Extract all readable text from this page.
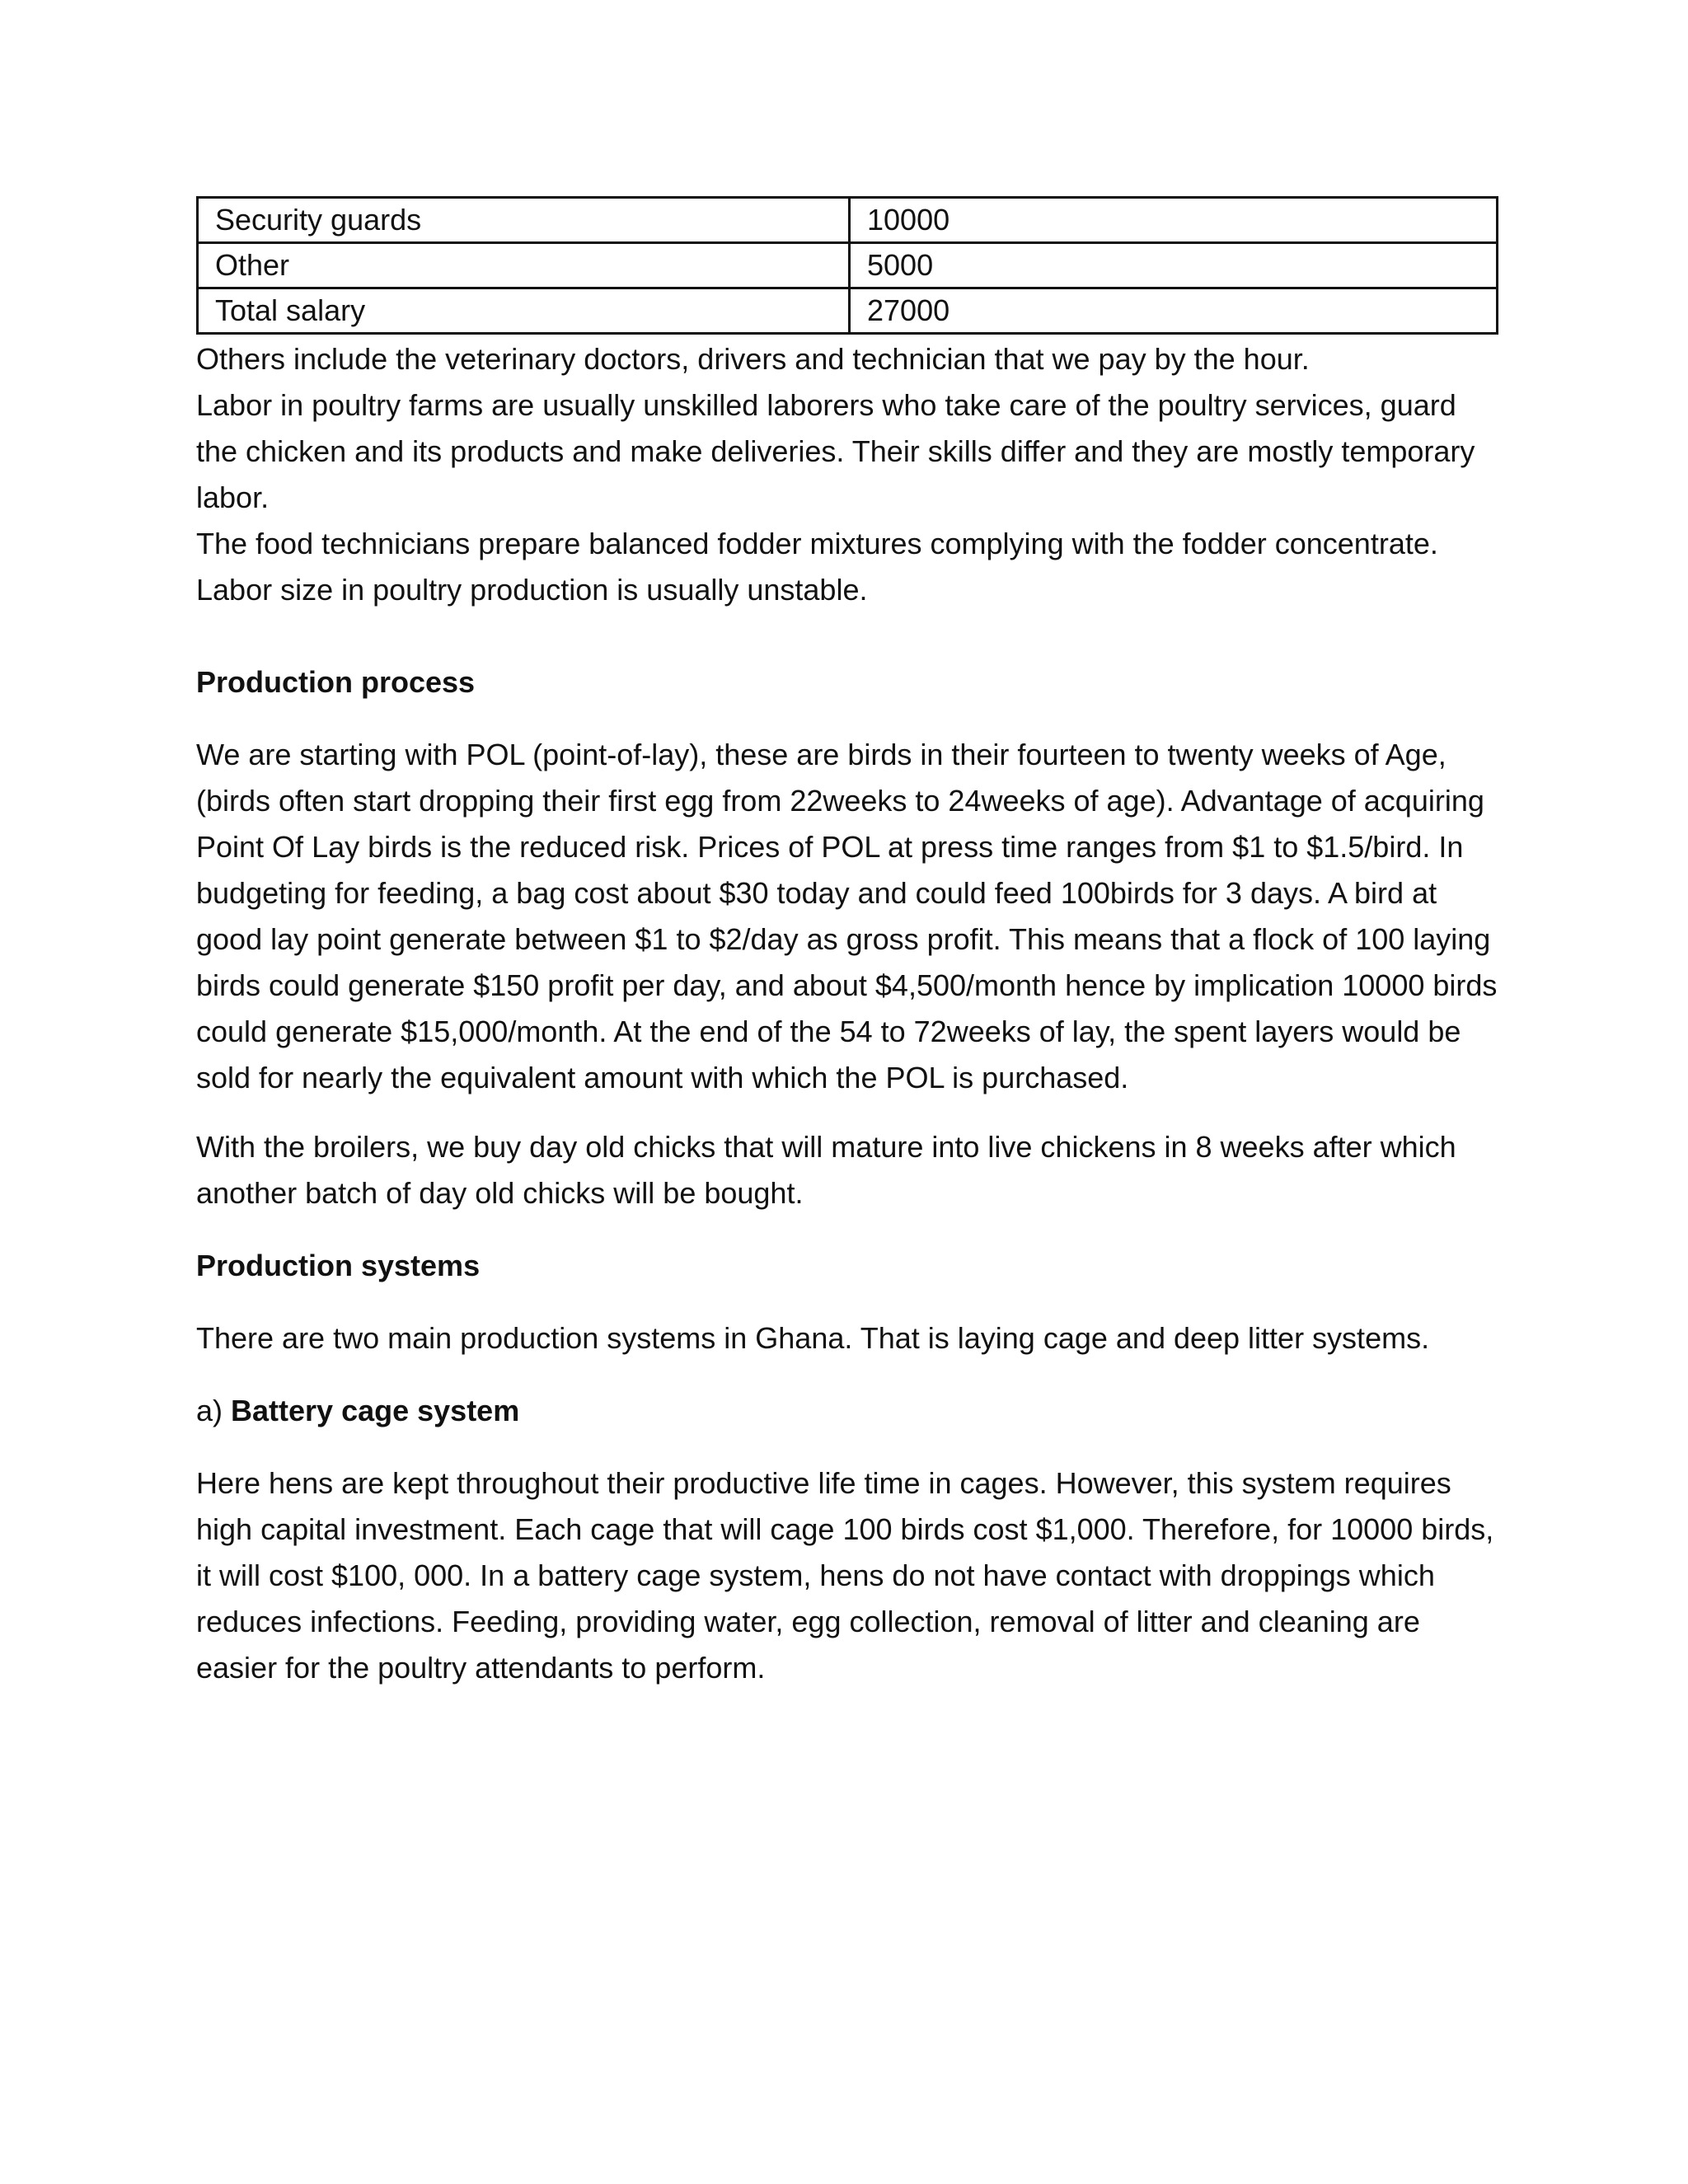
Security guards	10000
Other	5000
Total salary	27000

Others include the veterinary doctors, drivers and technician that we pay by the hour.

Labor in poultry farms are usually unskilled laborers who take care of the poultry services, guard the chicken and its products and make deliveries. Their skills differ and they are mostly temporary labor.

The food technicians prepare balanced fodder mixtures complying with the fodder concentrate.

Labor size in poultry production is usually unstable.

Production process

We are starting with POL (point-of-lay), these are birds in their fourteen to twenty weeks of Age,(birds often start dropping their first egg from 22weeks to 24weeks of age). Advantage of acquiring Point Of Lay birds is the reduced risk. Prices of POL at press time ranges from $1 to $1.5/bird. In budgeting for feeding, a bag cost about $30 today and could feed 100birds for 3 days. A bird at good lay point generate between $1 to $2/day as gross profit. This means that a flock of 100 laying birds could generate $150 profit per day, and about $4,500/month hence by implication 10000 birds could generate $15,000/month. At the end of the 54 to 72weeks of lay, the spent layers would be sold for nearly the equivalent amount with which the POL is purchased.

With the broilers, we buy day old chicks that will mature into live chickens in 8 weeks after which another batch of day old chicks will be bought.

Production systems

There are two main production systems in Ghana. That is laying cage and deep litter systems.

a) Battery cage system

Here hens are kept throughout their productive life time in cages. However, this system requires high capital investment. Each cage that will cage 100 birds cost $1,000. Therefore, for 10000 birds, it will cost $100, 000. In a battery cage system, hens do not have contact with droppings which reduces infections. Feeding, providing water, egg collection, removal of litter and cleaning are easier for the poultry attendants to perform.
